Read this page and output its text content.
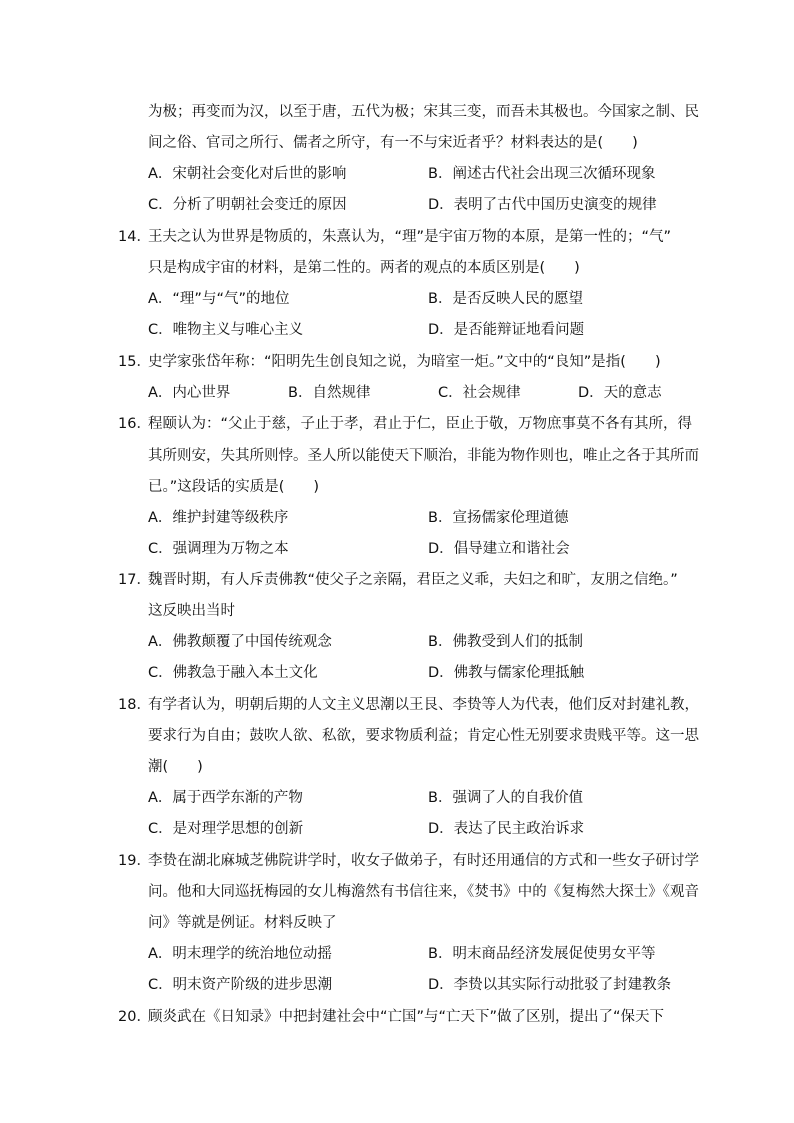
为极；再变而为汉，以至于唐，五代为极；宋其三变，而吾未其极也。今国家之制、民
间之俗、官司之所行、儒者之所守，有一不与宋近者乎？材料表达的是(　　)
A．宋朝社会变化对后世的影响	B．阐述古代社会出现三次循环现象
C．分析了明朝社会变迁的原因	D．表明了古代中国历史演变的规律
14．
王夫之认为世界是物质的，朱熹认为，“理”是宇宙万物的本原，是第一性的；“气”
只是构成宇宙的材料，是第二性的。两者的观点的本质区别是(　　)
A．“理”与“气”的地位	B．是否反映人民的愿望
C．唯物主义与唯心主义	D．是否能辩证地看问题
15．
史学家张岱年称：“阳明先生创良知之说，为暗室一炬。”文中的“良知”是指(　　)
A．内心世界	B．自然规律	C．社会规律	D．天的意志
16．
程颐认为：“父止于慈，子止于孝，君止于仁，臣止于敬，万物庶事莫不各有其所，得
其所则安，失其所则悖。圣人所以能使天下顺治，非能为物作则也，唯止之各于其所而
已。”这段话的实质是(　　)
A．维护封建等级秩序	B．宣扬儒家伦理道德
C．强调理为万物之本	D．倡导建立和谐社会
17．
魏晋时期，有人斥责佛教“使父子之亲隔，君臣之义乖，夫妇之和旷，友朋之信绝。”
这反映出当时
A．佛教颠覆了中国传统观念	B．佛教受到人们的抵制
C．佛教急于融入本土文化	D．佛教与儒家伦理抵触
18．
有学者认为，明朝后期的人文主义思潮以王艮、李贽等人为代表，他们反对封建礼教，
要求行为自由；鼓吹人欲、私欲，要求物质利益；肯定心性无别要求贵贱平等。这一思
潮(　　)
A．属于西学东渐的产物	B．强调了人的自我价值
C．是对理学思想的创新	D．表达了民主政治诉求
19．
李贽在湖北麻城芝佛院讲学时，收女子做弟子，有时还用通信的方式和一些女子研讨学
问。他和大同巡抚梅园的女儿梅澹然有书信往来，《焚书》中的《复梅然大探士》《观音
问》等就是例证。材料反映了
A．明末理学的统治地位动摇	B．明末商品经济发展促使男女平等
C．明末资产阶级的进步思潮	D．李贽以其实际行动批驳了封建教条
20．
顾炎武在《日知录》中把封建社会中“亡国”与“亡天下”做了区别，提出了“保天下
